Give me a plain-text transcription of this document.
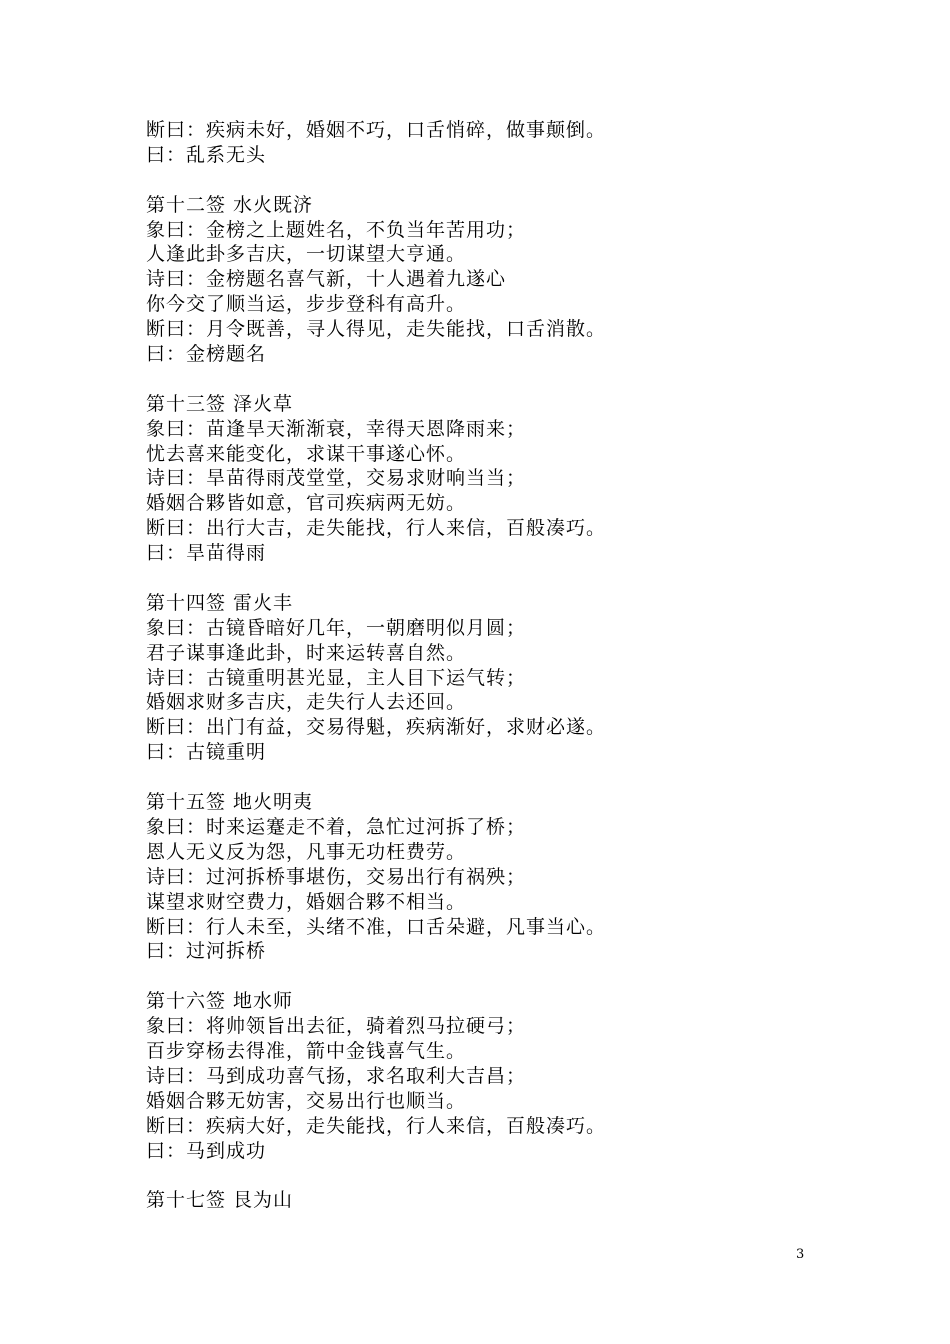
断曰：疾病未好，婚姻不巧，口舌悄碎，做事颠倒。
曰：乱系无头
第十二签 水火既济
象曰：金榜之上题姓名，不负当年苦用功；
人逢此卦多吉庆，一切谋望大亨通。
诗曰：金榜题名喜气新，十人遇着九遂心
你今交了顺当运，步步登科有高升。
断曰：月令既善，寻人得见，走失能找，口舌消散。
曰：金榜题名
第十三签 泽火草
象曰：苗逢旱天渐渐衰，幸得天恩降雨来；
忧去喜来能变化，求谋干事遂心怀。
诗曰：旱苗得雨茂堂堂，交易求财响当当；
婚姻合夥皆如意，官司疾病两无妨。
断曰：出行大吉，走失能找，行人来信，百般凑巧。
曰：旱苗得雨
第十四签 雷火丰
象曰：古镜昏暗好几年，一朝磨明似月圆；
君子谋事逢此卦，时来运转喜自然。
诗曰：古镜重明甚光显，主人目下运气转；
婚姻求财多吉庆，走失行人去还回。
断曰：出门有益，交易得魁，疾病渐好，求财必遂。
曰：古镜重明
第十五签 地火明夷
象曰：时来运蹇走不着，急忙过河拆了桥；
恩人无义反为怨，凡事无功枉费劳。
诗曰：过河拆桥事堪伤，交易出行有祸殃；
谋望求财空费力，婚姻合夥不相当。
断曰：行人未至，头绪不准，口舌朵避，凡事当心。
曰：过河拆桥
第十六签 地水师
象曰：将帅领旨出去征，骑着烈马拉硬弓；
百步穿杨去得准，箭中金钱喜气生。
诗曰：马到成功喜气扬，求名取利大吉昌；
婚姻合夥无妨害，交易出行也顺当。
断曰：疾病大好，走失能找，行人来信，百般凑巧。
曰：马到成功
第十七签 艮为山
3
